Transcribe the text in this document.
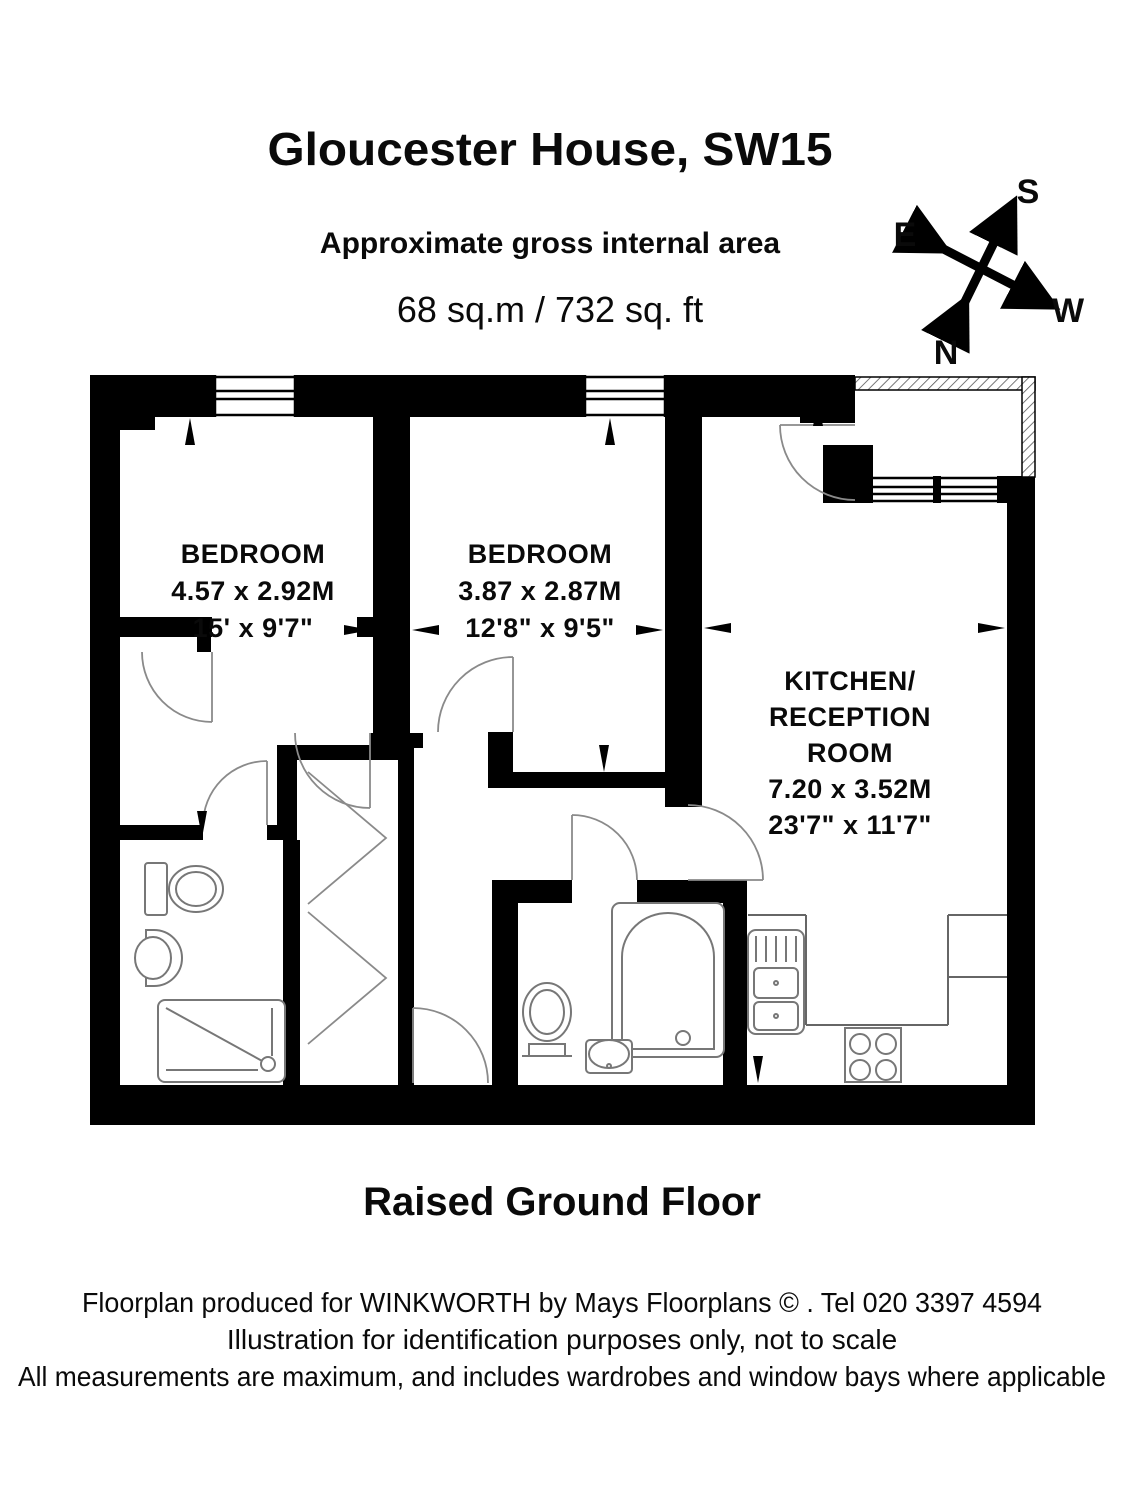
Gloucester House, SW15
Approximate gross internal area
68 sq.m / 732 sq. ft
S
E
W
N
BEDROOM
4.57 x 2.92M
15' x 9'7"
BEDROOM
3.87 x 2.87M
12'8" x 9'5"
KITCHEN/
RECEPTION
ROOM
7.20 x 3.52M
23'7" x 11'7"
Raised Ground Floor
Floorplan produced for WINKWORTH by Mays Floorplans © . Tel 020 3397 4594
Illustration for identification purposes only, not to scale
All measurements are maximum, and includes wardrobes and window bays where applicable
